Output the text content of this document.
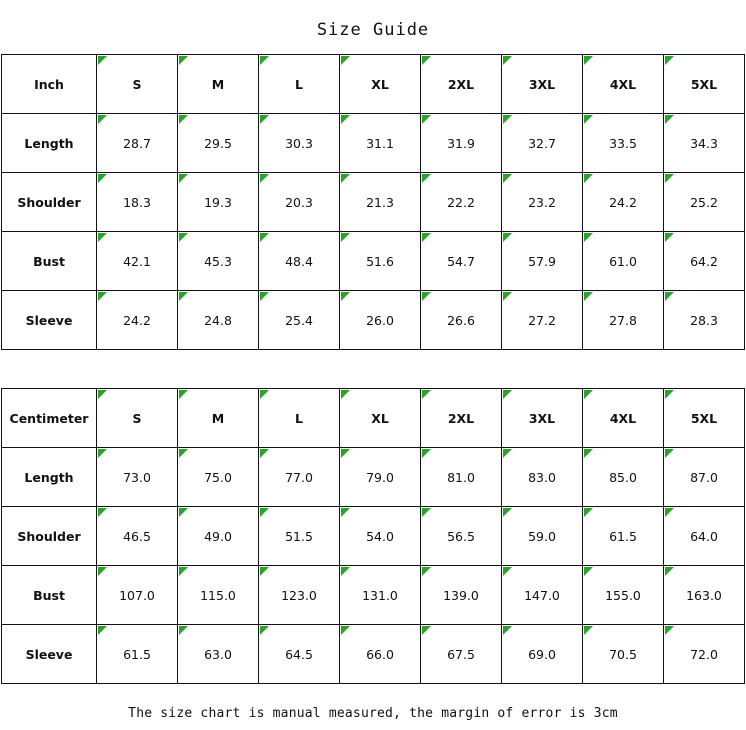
Size Guide
Inch	S	M	L	XL	2XL	3XL	4XL	5XL
Length	28.7	29.5	30.3	31.1	31.9	32.7	33.5	34.3
Shoulder	18.3	19.3	20.3	21.3	22.2	23.2	24.2	25.2
Bust	42.1	45.3	48.4	51.6	54.7	57.9	61.0	64.2
Sleeve	24.2	24.8	25.4	26.0	26.6	27.2	27.8	28.3
Centimeter	S	M	L	XL	2XL	3XL	4XL	5XL
Length	73.0	75.0	77.0	79.0	81.0	83.0	85.0	87.0
Shoulder	46.5	49.0	51.5	54.0	56.5	59.0	61.5	64.0
Bust	107.0	115.0	123.0	131.0	139.0	147.0	155.0	163.0
Sleeve	61.5	63.0	64.5	66.0	67.5	69.0	70.5	72.0
The size chart is manual measured, the margin of error is 3cm
